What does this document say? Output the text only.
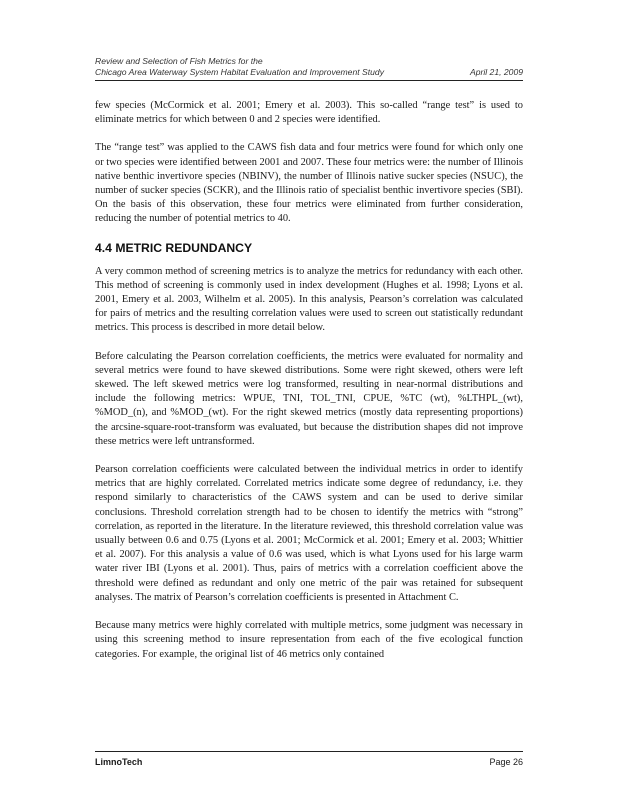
Review and Selection of Fish Metrics for the
Chicago Area Waterway System Habitat Evaluation and Improvement Study	April 21, 2009

few species (McCormick et al. 2001; Emery et al. 2003). This so-called “range test” is used to eliminate metrics for which between 0 and 2 species were identified.

The “range test” was applied to the CAWS fish data and four metrics were found for which only one or two species were identified between 2001 and 2007. These four metrics were: the number of Illinois native benthic invertivore species (NBINV), the number of Illinois native sucker species (NSUC), the number of sucker species (SCKR), and the Illinois ratio of specialist benthic invertivore species (SBI). On the basis of this observation, these four metrics were eliminated from further consideration, reducing the number of potential metrics to 40.

4.4 METRIC REDUNDANCY

A very common method of screening metrics is to analyze the metrics for redundancy with each other. This method of screening is commonly used in index development (Hughes et al. 1998; Lyons et al. 2001, Emery et al. 2003, Wilhelm et al. 2005). In this analysis, Pearson’s correlation was calculated for pairs of metrics and the resulting correlation values were used to screen out statistically redundant metrics. This process is described in more detail below.

Before calculating the Pearson correlation coefficients, the metrics were evaluated for normality and several metrics were found to have skewed distributions. Some were right skewed, others were left skewed. The left skewed metrics were log transformed, resulting in near-normal distributions and include the following metrics: WPUE, TNI, TOL_TNI, CPUE, %TC (wt), %LTHPL_(wt), %MOD_(n), and %MOD_(wt). For the right skewed metrics (mostly data representing proportions) the arcsine-square-root-transform was evaluated, but because the distribution shapes did not improve these metrics were left untransformed.

Pearson correlation coefficients were calculated between the individual metrics in order to identify metrics that are highly correlated. Correlated metrics indicate some degree of redundancy, i.e. they respond similarly to characteristics of the CAWS system and can be used to derive similar conclusions. Threshold correlation strength had to be chosen to identify the metrics with “strong” correlation, as reported in the literature. In the literature reviewed, this threshold correlation value was usually between 0.6 and 0.75 (Lyons et al. 2001; McCormick et al. 2001; Emery et al. 2003; Whittier et al. 2007). For this analysis a value of 0.6 was used, which is what Lyons used for his large warm water river IBI (Lyons et al. 2001). Thus, pairs of metrics with a correlation coefficient above the threshold were defined as redundant and only one metric of the pair was retained for subsequent analyses. The matrix of Pearson’s correlation coefficients is presented in Attachment C.

Because many metrics were highly correlated with multiple metrics, some judgment was necessary in using this screening method to insure representation from each of the five ecological function categories. For example, the original list of 46 metrics only contained

LimnoTech	Page 26
